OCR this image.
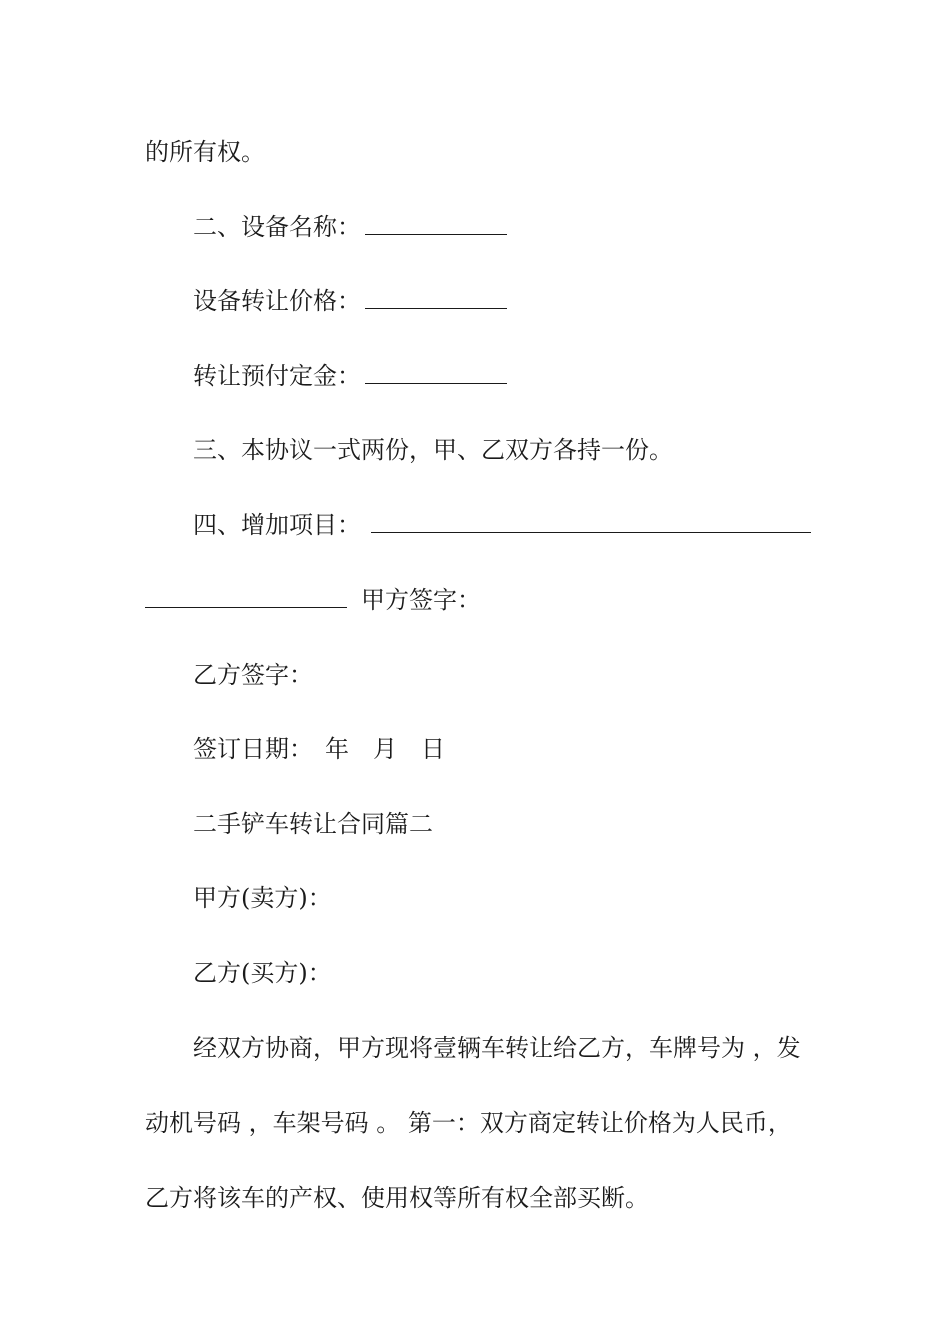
的所有权。
二、设备名称：
设备转让价格：
转让预付定金：
三、本协议一式两份，甲、乙双方各持一份。
四、增加项目：
甲方签字：
乙方签字：
签订日期：　年　月　日
二手铲车转让合同篇二
甲方(卖方)：
乙方(买方)：
经双方协商，甲方现将壹辆车转让给乙方，车牌号为 ，发
动机号码 ，车架号码 。 第一：双方商定转让价格为人民币，
乙方将该车的产权、使用权等所有权全部买断。
